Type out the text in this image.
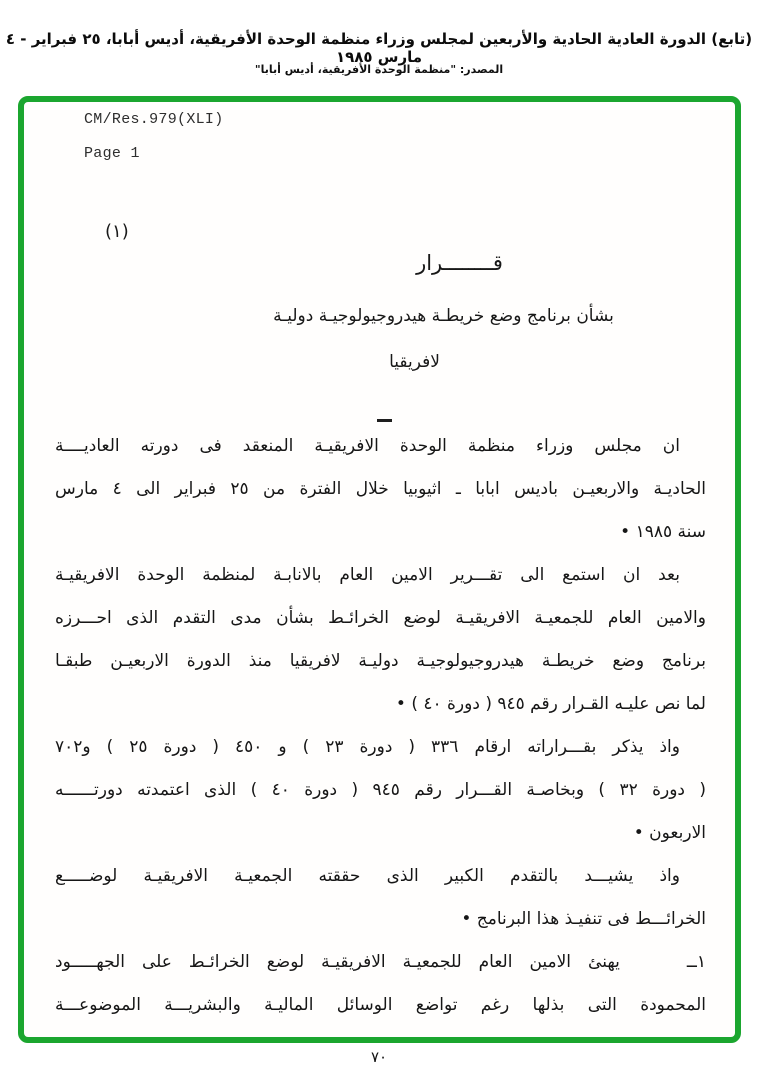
(تابع) الدورة العادية الحادية والأربعين لمجلس وزراء منظمة الوحدة الأفريقية، أديس أبابا، ٢٥ فبراير - ٤ مارس ١٩٨٥
المصدر: "منظمة الوحدة الأفريقية، أديس أبابا"
CM/Res.979(XLI)
Page 1
(١)
قــــــــرار
بشأن برنامج وضع خريطـة هيدروجيولوجيـة دوليـة
لافريقيا
ان مجلس وزراء منظمة الوحدة الافريقيـة المنعقد فى دورته العاديــــة
الحاديـة والاربعيـن باديس ابابا ـ اثيوبيا خلال الفترة من ٢٥ فبراير الى ٤ مارس
سنة ١٩٨٥ •
بعد ان استمع الى تقـــرير الامين العام بالانابـة لمنظمة الوحدة الافريقيـة
والامين العام للجمعيـة الافريقيـة لوضع الخرائـط بشأن مدى التقدم الذى احـــرزه
برنامج وضع خريطـة هيدروجيولوجيـة دوليـة لافريقيا منذ الدورة الاربعيـن طبقـا
لما نص عليـه القـرار رقم ٩٤٥ ( دورة ٤٠ ) •
واذ يذكر بقـــراراته ارقام ٣٣٦ ( دورة ٢٣ ) و ٤٥٠ ( دورة ٢٥ ) و٧٠٢
( دورة ٣٢ ) وبخاصـة القـــرار رقم ٩٤٥ ( دورة ٤٠ ) الذى اعتمدته دورتــــــه
الاربعون •
واذ يشيـــد بالتقدم الكبير الذى حققته الجمعيـة الافريقيـة لوضـــــع
الخرائـــط فى تنفيـذ هذا البرنامج •
١ــ يهنئ الامين العام للجمعيـة الافريقيـة لوضع الخرائـط على الجهـــــود
المحمودة التى بذلها رغم تواضع الوسائل الماليـة والبشريـــة الموضوعـــة
٧٠
